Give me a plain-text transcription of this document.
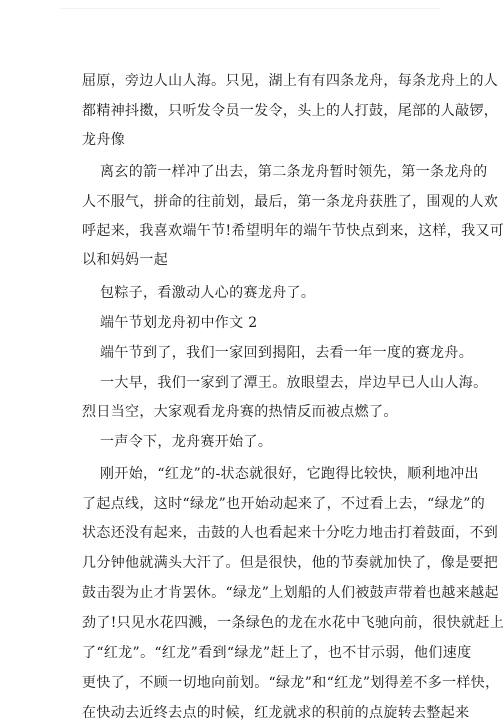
屈原，旁边人山人海。只见，湖上有有四条龙舟，每条龙舟上的人
都精神抖擞，只听发令员一发令，头上的人打鼓，尾部的人敲锣，
龙舟像
离玄的箭一样冲了出去，第二条龙舟暂时领先，第一条龙舟的
人不服气，拼命的往前划，最后，第一条龙舟获胜了，围观的人欢
呼起来，我喜欢端午节!希望明年的端午节快点到来，这样，我又可
以和妈妈一起
包粽子，看激动人心的赛龙舟了。
端午节划龙舟初中作文 2
端午节到了，我们一家回到揭阳，去看一年一度的赛龙舟。
一大早，我们一家到了潭王。放眼望去，岸边早已人山人海。
烈日当空，大家观看龙舟赛的热情反而被点燃了。
一声令下，龙舟赛开始了。
刚开始，“红龙”的-状态就很好，它跑得比较快，顺利地冲出
了起点线，这时“绿龙”也开始动起来了，不过看上去，“绿龙”的
状态还没有起来，击鼓的人也看起来十分吃力地击打着鼓面，不到
几分钟他就满头大汗了。但是很快，他的节奏就加快了，像是要把
鼓击裂为止才肯罢休。“绿龙”上划船的人们被鼓声带着也越来越起
劲了!只见水花四溅，一条绿色的龙在水花中飞驰向前，很快就赶上
了“红龙”。“红龙”看到“绿龙”赶上了，也不甘示弱，他们速度
更快了，不顾一切地向前划。“绿龙”和“红龙”划得差不多一样快，
在快动去近终去点的时候，红龙就求的积前的点旋转去整起来
